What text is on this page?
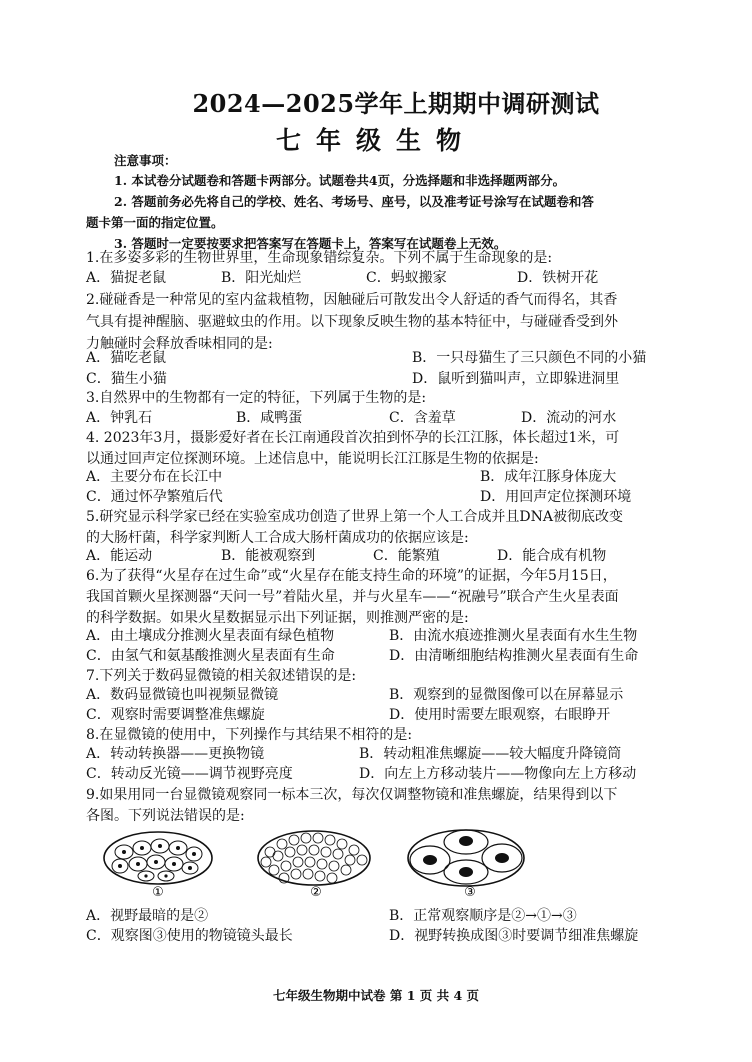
2024—2025学年上期期中调研测试
七年级生物
注意事项：
1. 本试卷分试题卷和答题卡两部分。试题卷共4页，分选择题和非选择题两部分。
2. 答题前务必先将自己的学校、姓名、考场号、座号，以及准考证号涂写在试题卷和答
题卡第一面的指定位置。
3. 答题时一定要按要求把答案写在答题卡上，答案写在试题卷上无效。
1.在多姿多彩的生物世界里，生命现象错综复杂。下列不属于生命现象的是:
A．猫捉老鼠	B．阳光灿烂	C．蚂蚁搬家	D．铁树开花
2.碰碰香是一种常见的室内盆栽植物，因触碰后可散发出令人舒适的香气而得名，其香
气具有提神醒脑、驱避蚊虫的作用。以下现象反映生物的基本特征中，与碰碰香受到外
力触碰时会释放香味相同的是:
A．猫吃老鼠	B．一只母猫生了三只颜色不同的小猫
C．猫生小猫	D．鼠听到猫叫声，立即躲进洞里
3.自然界中的生物都有一定的特征，下列属于生物的是:
A．钟乳石	B．咸鸭蛋	C．含羞草	D．流动的河水
4. 2023年3月，摄影爱好者在长江南通段首次拍到怀孕的长江江豚，体长超过1米，可
以通过回声定位探测环境。上述信息中，能说明长江江豚是生物的依据是:
A．主要分布在长江中	B．成年江豚身体庞大
C．通过怀孕繁殖后代	D．用回声定位探测环境
5.研究显示科学家已经在实验室成功创造了世界上第一个人工合成并且DNA被彻底改变
的大肠杆菌，科学家判断人工合成大肠杆菌成功的依据应该是:
A．能运动	B．能被观察到	C．能繁殖	D．能合成有机物
6.为了获得“火星存在过生命”或“火星存在能支持生命的环境”的证据，今年5月15日，
我国首颗火星探测器“天问一号”着陆火星，并与火星车——“祝融号”联合产生火星表面
的科学数据。如果火星数据显示出下列证据，则推测严密的是:
A．由土壤成分推测火星表面有绿色植物	B．由流水痕迹推测火星表面有水生生物
C．由氢气和氨基酸推测火星表面有生命	D．由清晰细胞结构推测火星表面有生命
7.下列关于数码显微镜的相关叙述错误的是:
A．数码显微镜也叫视频显微镜	B．观察到的显微图像可以在屏幕显示
C．观察时需要调整准焦螺旋	D．使用时需要左眼观察，右眼睁开
8.在显微镜的使用中，下列操作与其结果不相符的是:
A．转动转换器——更换物镜	B．转动粗准焦螺旋——较大幅度升降镜筒
C．转动反光镜——调节视野亮度	D．向左上方移动装片——物像向左上方移动
9.如果用同一台显微镜观察同一标本三次，每次仅调整物镜和准焦螺旋，结果得到以下
各图。下列说法错误的是:
①	②	③
A．视野最暗的是②	B．正常观察顺序是②→①→③
C．观察图③使用的物镜镜头最长	D．视野转换成图③时要调节细准焦螺旋
七年级生物期中试卷 第 1 页 共 4 页
